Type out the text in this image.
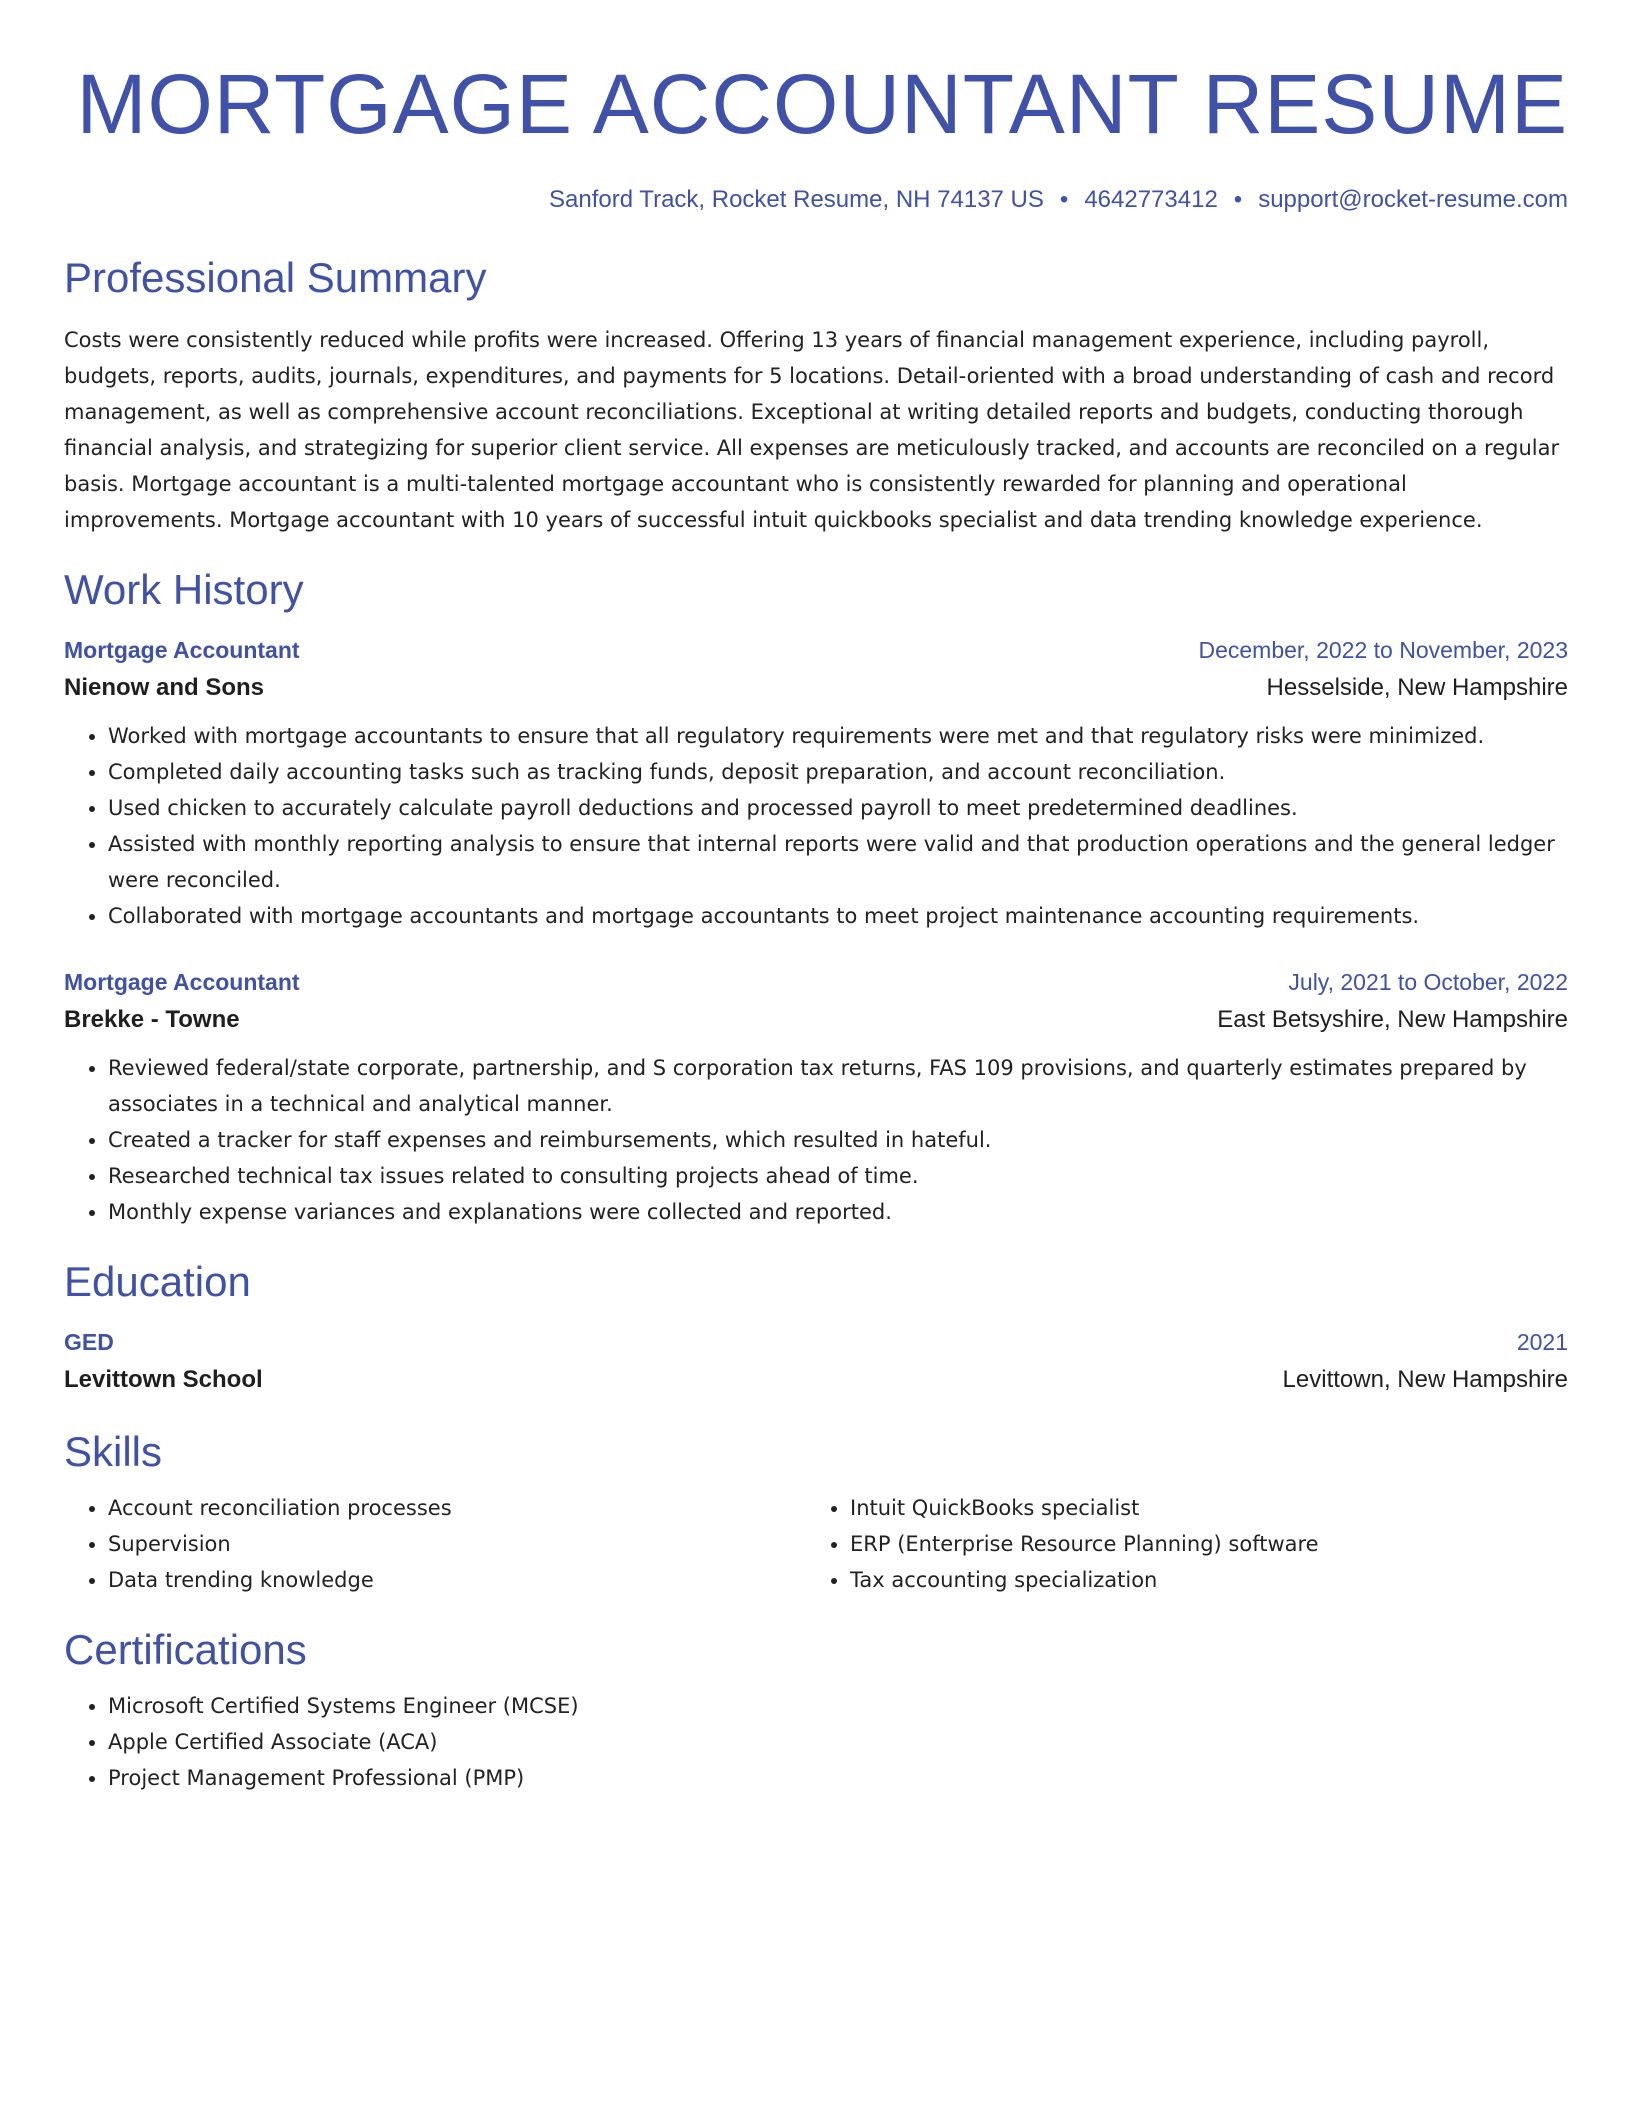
MORTGAGE ACCOUNTANT RESUME
Sanford Track, Rocket Resume, NH 74137 US • 4642773412 • support@rocket-resume.com
Professional Summary

Costs were consistently reduced while profits were increased. Offering 13 years of financial management experience, including payroll, budgets, reports, audits, journals, expenditures, and payments for 5 locations. Detail-oriented with a broad understanding of cash and record management, as well as comprehensive account reconciliations. Exceptional at writing detailed reports and budgets, conducting thorough financial analysis, and strategizing for superior client service. All expenses are meticulously tracked, and accounts are reconciled on a regular basis. Mortgage accountant is a multi-talented mortgage accountant who is consistently rewarded for planning and operational improvements. Mortgage accountant with 10 years of successful intuit quickbooks specialist and data trending knowledge experience.

Work History
Mortgage Accountant	December, 2022 to November, 2023
Nienow and Sons	Hesselside, New Hampshire
• Worked with mortgage accountants to ensure that all regulatory requirements were met and that regulatory risks were minimized.
• Completed daily accounting tasks such as tracking funds, deposit preparation, and account reconciliation.
• Used chicken to accurately calculate payroll deductions and processed payroll to meet predetermined deadlines.
• Assisted with monthly reporting analysis to ensure that internal reports were valid and that production operations and the general ledger were reconciled.
• Collaborated with mortgage accountants and mortgage accountants to meet project maintenance accounting requirements.
Mortgage Accountant	July, 2021 to October, 2022
Brekke - Towne	East Betsyshire, New Hampshire
• Reviewed federal/state corporate, partnership, and S corporation tax returns, FAS 109 provisions, and quarterly estimates prepared by associates in a technical and analytical manner.
• Created a tracker for staff expenses and reimbursements, which resulted in hateful.
• Researched technical tax issues related to consulting projects ahead of time.
• Monthly expense variances and explanations were collected and reported.
Education
GED	2021
Levittown School	Levittown, New Hampshire
Skills
• Account reconciliation processes
• Supervision
• Data trending knowledge
• Intuit QuickBooks specialist
• ERP (Enterprise Resource Planning) software
• Tax accounting specialization
Certifications
• Microsoft Certified Systems Engineer (MCSE)
• Apple Certified Associate (ACA)
• Project Management Professional (PMP)
